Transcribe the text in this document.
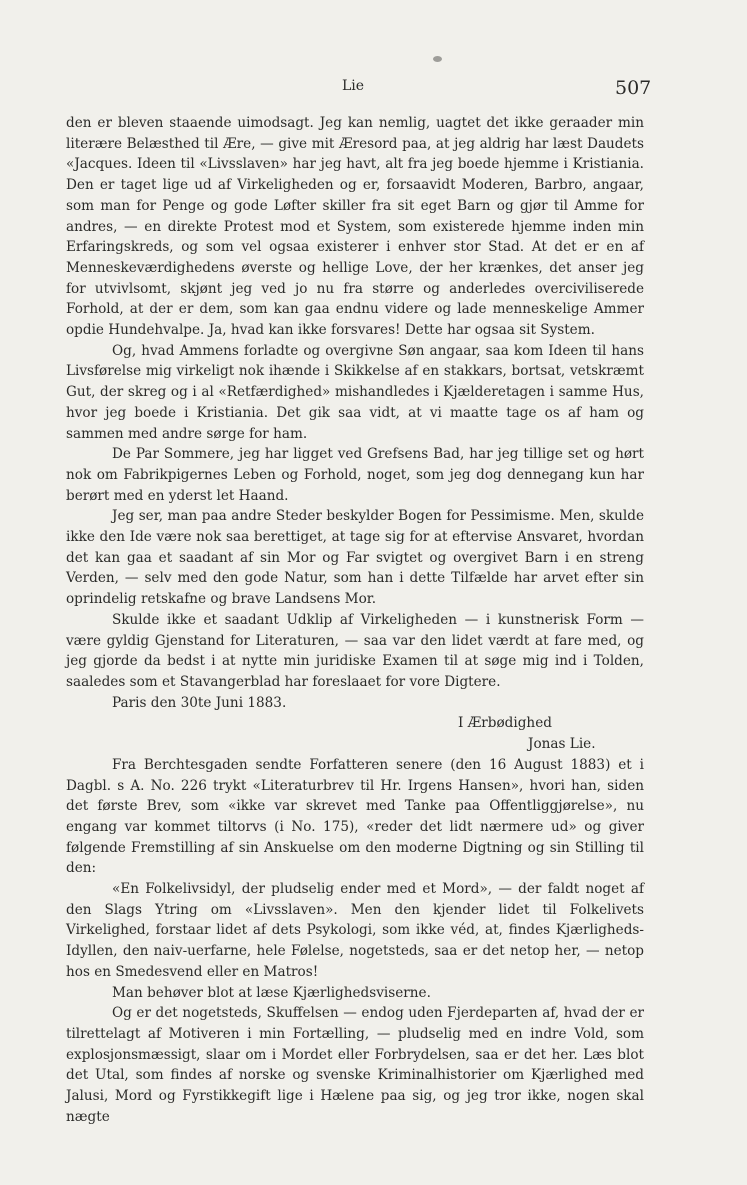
Lie	507

den er bleven staaende uimodsagt. Jeg kan nemlig, uagtet det ikke geraader min literære Belæsthed til Ære, — give mit Æresord paa, at jeg aldrig har læst Daudets «Jacques. Ideen til «Livsslaven» har jeg havt, alt fra jeg boede hjemme i Kristiania. Den er taget lige ud af Virkeligheden og er, forsaavidt Moderen, Barbro, angaar, som man for Penge og gode Løfter skiller fra sit eget Barn og gjør til Amme for andres, — en direkte Protest mod et System, som existerede hjemme inden min Erfaringskreds, og som vel ogsaa existerer i enhver stor Stad. At det er en af Menneskeværdighedens øverste og hellige Love, der her krænkes, det anser jeg for utvivlsomt, skjønt jeg ved jo nu fra større og anderledes overciviliserede Forhold, at der er dem, som kan gaa endnu videre og lade menneskelige Ammer opdie Hundehvalpe. Ja, hvad kan ikke forsvares! Dette har ogsaa sit System.

Og, hvad Ammens forladte og overgivne Søn angaar, saa kom Ideen til hans Livsførelse mig virkeligt nok ihænde i Skikkelse af en stakkars, bortsat, vetskræmt Gut, der skreg og i al «Retfærdighed» mishandledes i Kjælderetagen i samme Hus, hvor jeg boede i Kristiania. Det gik saa vidt, at vi maatte tage os af ham og sammen med andre sørge for ham.

De Par Sommere, jeg har ligget ved Grefsens Bad, har jeg tillige set og hørt nok om Fabrikpigernes Leben og Forhold, noget, som jeg dog dennegang kun har berørt med en yderst let Haand.

Jeg ser, man paa andre Steder beskylder Bogen for Pessimisme. Men, skulde ikke den Ide være nok saa berettiget, at tage sig for at eftervise Ansvaret, hvordan det kan gaa et saadant af sin Mor og Far svigtet og overgivet Barn i en streng Verden, — selv med den gode Natur, som han i dette Tilfælde har arvet efter sin oprindelig retskafne og brave Landsens Mor.

Skulde ikke et saadant Udklip af Virkeligheden — i kunstnerisk Form — være gyldig Gjenstand for Literaturen, — saa var den lidet værdt at fare med, og jeg gjorde da bedst i at nytte min juridiske Examen til at søge mig ind i Tolden, saaledes som et Stavangerblad har foreslaaet for vore Digtere.

Paris den 30te Juni 1883.

I Ærbødighed

Jonas Lie.

Fra Berchtesgaden sendte Forfatteren senere (den 16 August 1883) et i Dagbl. s A. No. 226 trykt «Literaturbrev til Hr. Irgens Hansen», hvori han, siden det første Brev, som «ikke var skrevet med Tanke paa Offentliggjørelse», nu engang var kommet tiltorvs (i No. 175), «reder det lidt nærmere ud» og giver følgende Fremstilling af sin Anskuelse om den moderne Digtning og sin Stilling til den:

«En Folkelivsidyl, der pludselig ender med et Mord», — der faldt noget af den Slags Ytring om «Livsslaven». Men den kjender lidet til Folkelivets Virkelighed, forstaar lidet af dets Psykologi, som ikke véd, at, findes Kjærligheds-Idyllen, den naiv-uerfarne, hele Følelse, nogetsteds, saa er det netop her, — netop hos en Smedesvend eller en Matros!

Man behøver blot at læse Kjærlighedsviserne.

Og er det nogetsteds, Skuffelsen — endog uden Fjerdeparten af, hvad der er tilrettelagt af Motiveren i min Fortælling, — pludselig med en indre Vold, som explosjonsmæssigt, slaar om i Mordet eller Forbrydelsen, saa er det her. Læs blot det Utal, som findes af norske og svenske Kriminalhistorier om Kjærlighed med Jalusi, Mord og Fyrstikkegift lige i Hælene paa sig, og jeg tror ikke, nogen skal nægte
